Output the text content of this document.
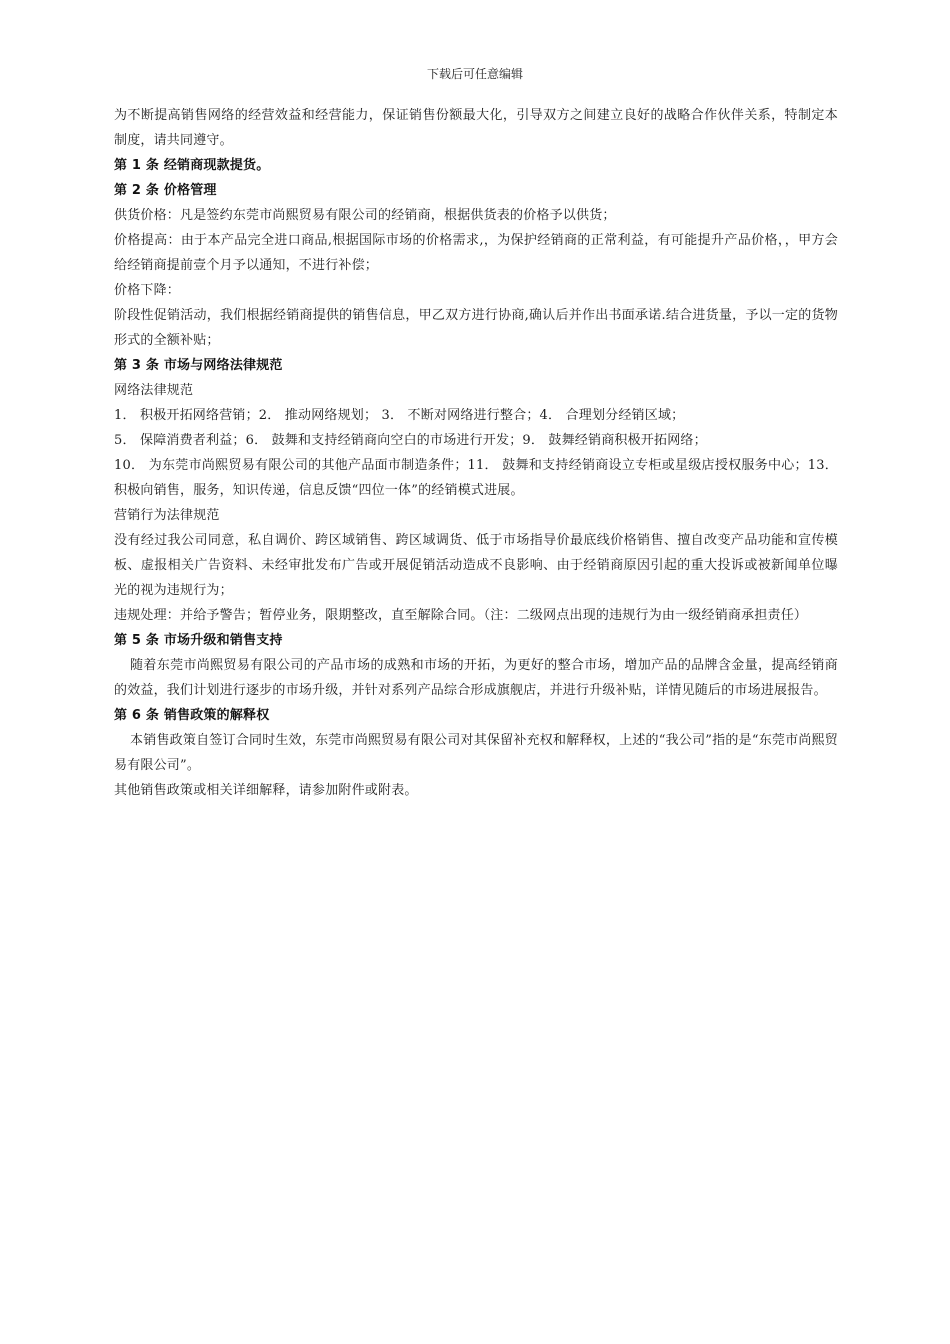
下载后可任意编辑

为不断提高销售网络的经营效益和经营能力，保证销售份额最大化，引导双方之间建立良好的战略合作伙伴关系，特制定本制度，请共同遵守。

第 1 条 经销商现款提货。

第 2 条 价格管理

供货价格：凡是签约东莞市尚熙贸易有限公司的经销商，根据供货表的价格予以供货；

价格提高：由于本产品完全进口商品,根据国际市场的价格需求,，为保护经销商的正常利益，有可能提升产品价格，，甲方会给经销商提前壹个月予以通知，不进行补偿；

价格下降：

阶段性促销活动，我们根据经销商提供的销售信息，甲乙双方进行协商,确认后并作出书面承诺.结合进货量，予以一定的货物形式的全额补贴；

第 3 条 市场与网络法律规范

网络法律规范

1． 积极开拓网络营销；2． 推动网络规划； 3． 不断对网络进行整合；4． 合理划分经销区域；

5． 保障消费者利益；6． 鼓舞和支持经销商向空白的市场进行开发；9． 鼓舞经销商积极开拓网络；

10． 为东莞市尚熙贸易有限公司的其他产品面市制造条件；11． 鼓舞和支持经销商设立专柜或星级店授权服务中心；13． 积极向销售，服务，知识传递，信息反馈“四位一体”的经销模式进展。

营销行为法律规范

没有经过我公司同意，私自调价、跨区域销售、跨区域调货、低于市场指导价最底线价格销售、擅自改变产品功能和宣传模板、虚报相关广告资料、未经审批发布广告或开展促销活动造成不良影响、由于经销商原因引起的重大投诉或被新闻单位曝光的视为违规行为；

违规处理：并给予警告；暂停业务，限期整改，直至解除合同。（注：二级网点出现的违规行为由一级经销商承担责任）

第 5 条 市场升级和销售支持

随着东莞市尚熙贸易有限公司的产品市场的成熟和市场的开拓，为更好的整合市场，增加产品的品牌含金量，提高经销商的效益，我们计划进行逐步的市场升级，并针对系列产品综合形成旗舰店，并进行升级补贴，详情见随后的市场进展报告。

第 6 条 销售政策的解释权

本销售政策自签订合同时生效，东莞市尚熙贸易有限公司对其保留补充权和解释权，上述的“我公司”指的是“东莞市尚熙贸易有限公司”。

其他销售政策或相关详细解释，请参加附件或附表。
